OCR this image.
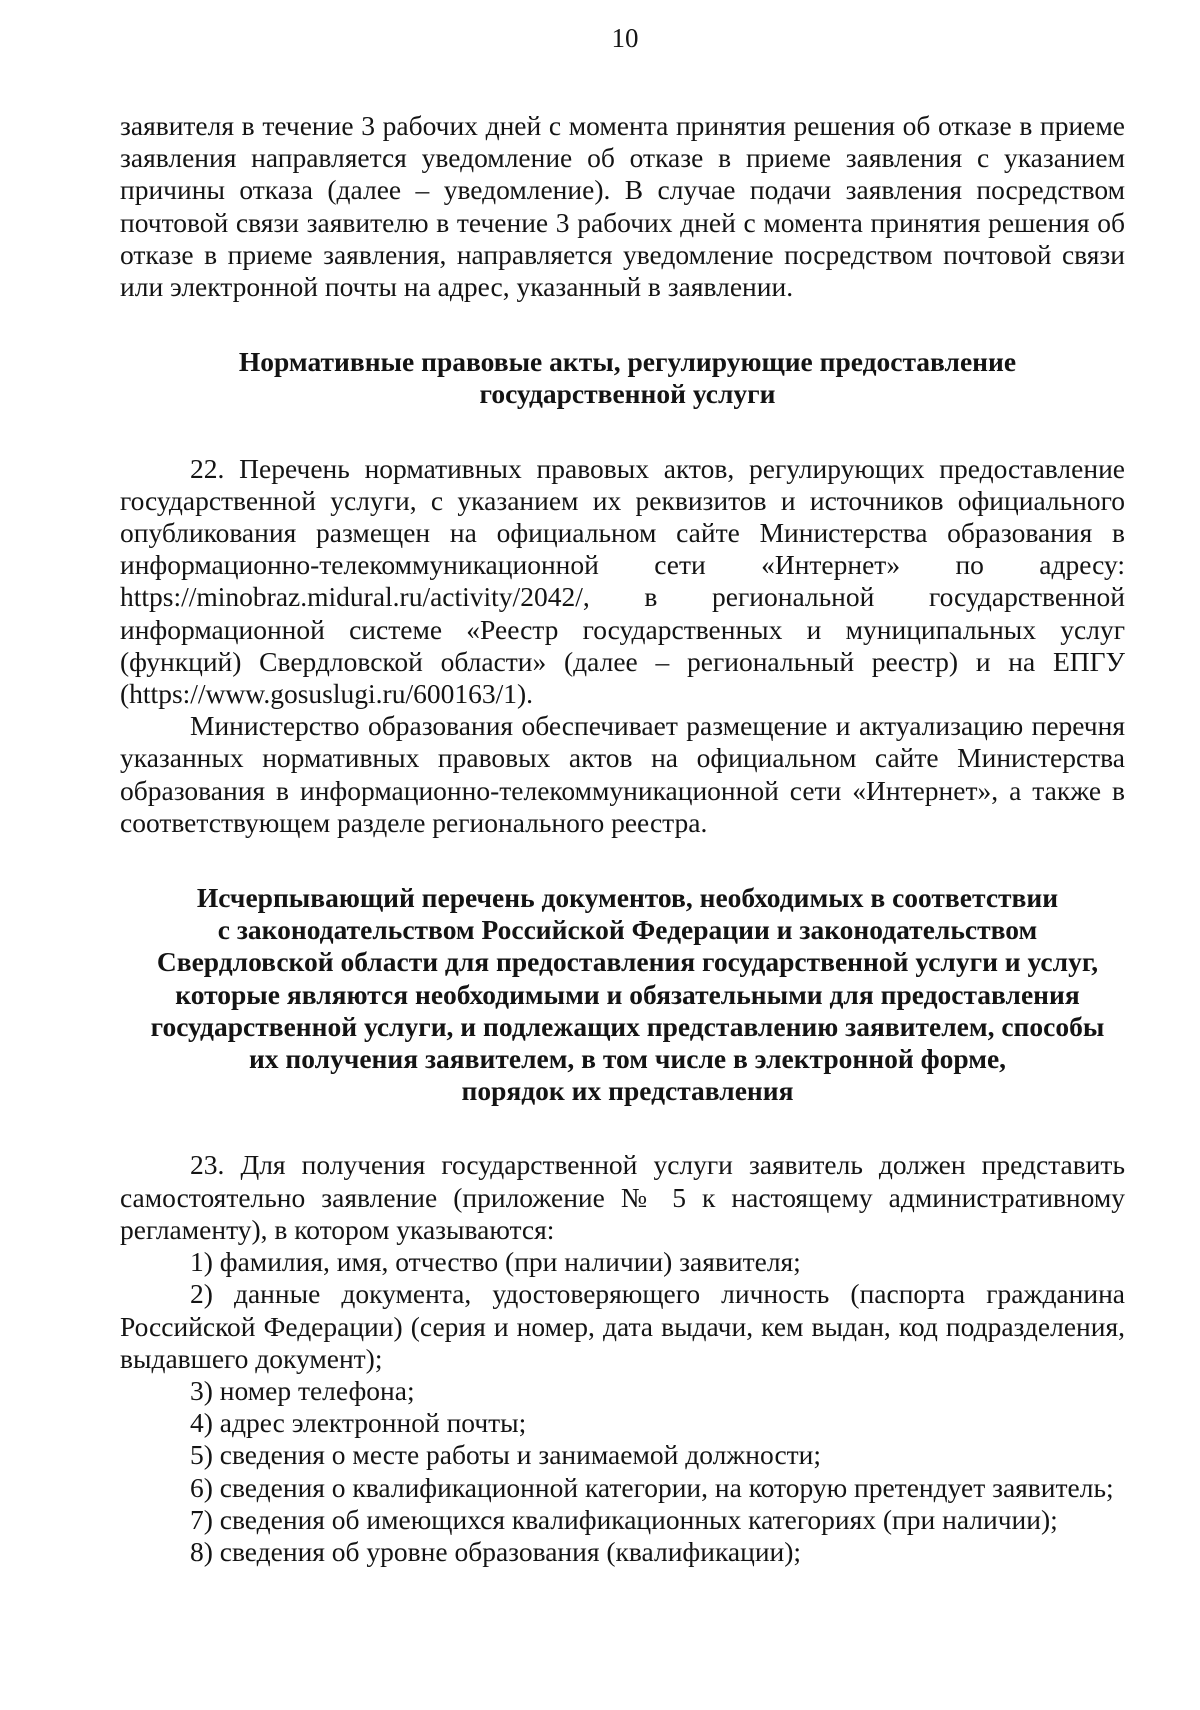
10

заявителя в течение 3 рабочих дней с момента принятия решения об отказе в приеме заявления направляется уведомление об отказе в приеме заявления с указанием причины отказа (далее – уведомление). В случае подачи заявления посредством почтовой связи заявителю в течение 3 рабочих дней с момента принятия решения об отказе в приеме заявления, направляется уведомление посредством почтовой связи или электронной почты на адрес, указанный в заявлении.

Нормативные правовые акты, регулирующие предоставление

государственной услуги

22. Перечень нормативных правовых актов, регулирующих предоставление государственной услуги, с указанием их реквизитов и источников официального опубликования размещен на официальном сайте Министерства образования в информационно-телекоммуникационной сети «Интернет» по адресу: https://minobraz.midural.ru/activity/2042/, в региональной государственной информационной системе «Реестр государственных и муниципальных услуг (функций) Свердловской области» (далее – региональный реестр) и на ЕПГУ (https://www.gosuslugi.ru/600163/1).

Министерство образования обеспечивает размещение и актуализацию перечня указанных нормативных правовых актов на официальном сайте Министерства образования в информационно-телекоммуникационной сети «Интернет», а также в соответствующем разделе регионального реестра.

Исчерпывающий перечень документов, необходимых в соответствии

с законодательством Российской Федерации и законодательством

Свердловской области для предоставления государственной услуги и услуг,

которые являются необходимыми и обязательными для предоставления

государственной услуги, и подлежащих представлению заявителем, способы

их получения заявителем, в том числе в электронной форме,

порядок их представления

23. Для получения государственной услуги заявитель должен представить самостоятельно заявление (приложение № 5 к настоящему административному регламенту), в котором указываются:

1) фамилия, имя, отчество (при наличии) заявителя;

2) данные документа, удостоверяющего личность (паспорта гражданина Российской Федерации) (серия и номер, дата выдачи, кем выдан, код подразделения, выдавшего документ);

3) номер телефона;

4) адрес электронной почты;

5) сведения о месте работы и занимаемой должности;

6) сведения о квалификационной категории, на которую претендует заявитель;

7) сведения об имеющихся квалификационных категориях (при наличии);

8) сведения об уровне образования (квалификации);
